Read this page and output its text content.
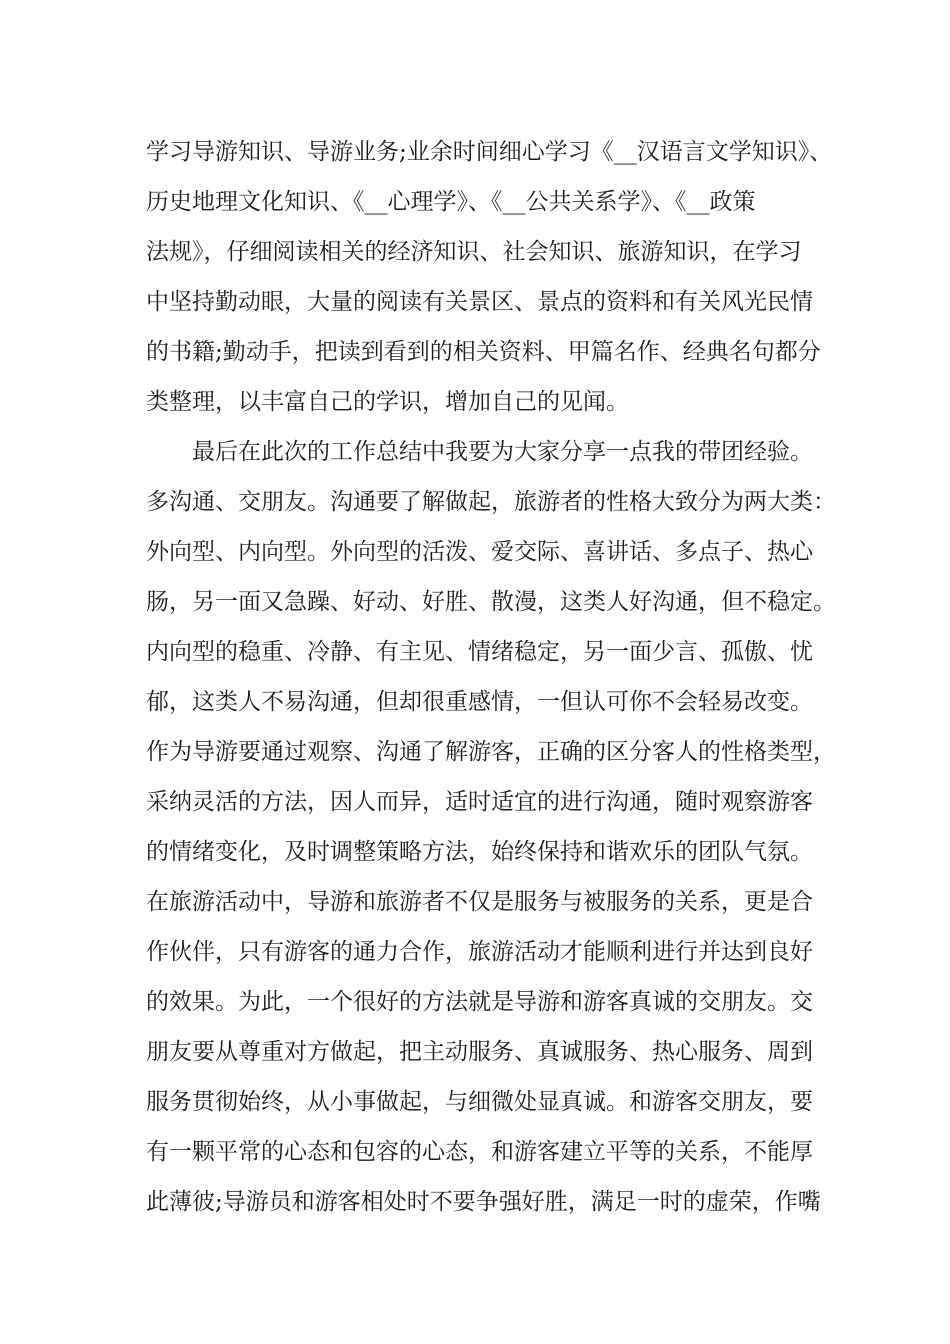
学习导游知识、导游业务;业余时间细心学习《__汉语言文学知识》、
历史地理文化知识、《__心理学》、《__公共关系学》、《__政策
法规》，仔细阅读相关的经济知识、社会知识、旅游知识，在学习
中坚持勤动眼，大量的阅读有关景区、景点的资料和有关风光民情
的书籍;勤动手，把读到看到的相关资料、甲篇名作、经典名句都分
类整理，以丰富自己的学识，增加自己的见闻。
　　最后在此次的工作总结中我要为大家分享一点我的带团经验。
多沟通、交朋友。沟通要了解做起，旅游者的性格大致分为两大类：
外向型、内向型。外向型的活泼、爱交际、喜讲话、多点子、热心
肠，另一面又急躁、好动、好胜、散漫，这类人好沟通，但不稳定。
内向型的稳重、冷静、有主见、情绪稳定，另一面少言、孤傲、忧
郁，这类人不易沟通，但却很重感情，一但认可你不会轻易改变。
作为导游要通过观察、沟通了解游客，正确的区分客人的性格类型，
采纳灵活的方法，因人而异，适时适宜的进行沟通，随时观察游客
的情绪变化，及时调整策略方法，始终保持和谐欢乐的团队气氛。
在旅游活动中，导游和旅游者不仅是服务与被服务的关系，更是合
作伙伴，只有游客的通力合作，旅游活动才能顺利进行并达到良好
的效果。为此，一个很好的方法就是导游和游客真诚的交朋友。交
朋友要从尊重对方做起，把主动服务、真诚服务、热心服务、周到
服务贯彻始终，从小事做起，与细微处显真诚。和游客交朋友，要
有一颗平常的心态和包容的心态，和游客建立平等的关系，不能厚
此薄彼;导游员和游客相处时不要争强好胜，满足一时的虚荣，作嘴
